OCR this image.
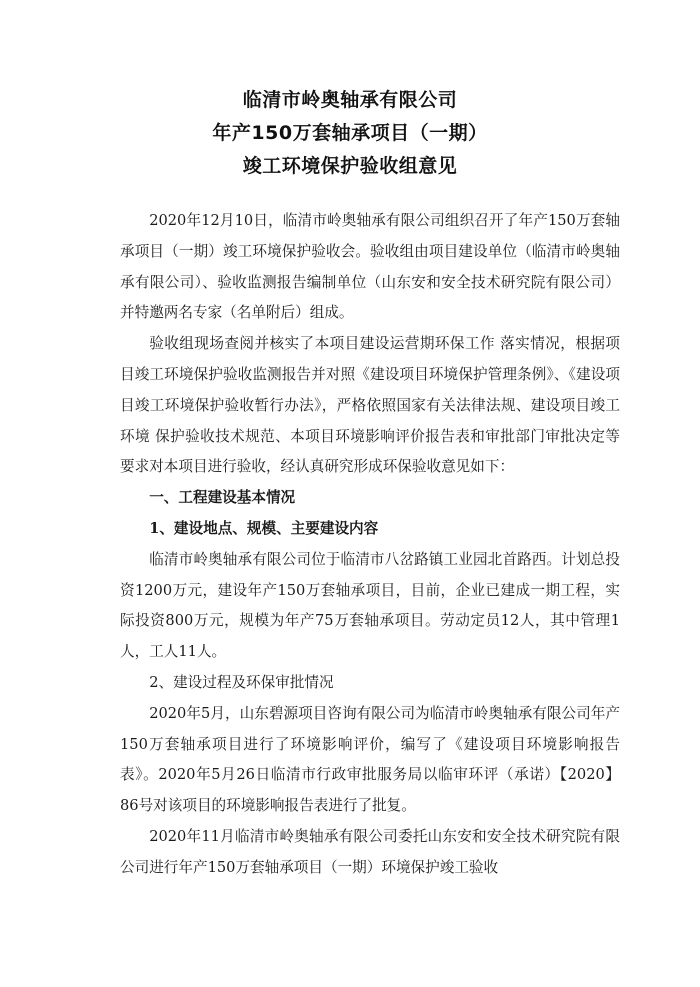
临清市岭奥轴承有限公司
年产150万套轴承项目（一期）
竣工环境保护验收组意见

2020年12月10日，临清市岭奥轴承有限公司组织召开了年产150万套轴承项目（一期）竣工环境保护验收会。验收组由项目建设单位（临清市岭奥轴承有限公司）、验收监测报告编制单位（山东安和安全技术研究院有限公司）并特邀两名专家（名单附后）组成。

验收组现场查阅并核实了本项目建设运营期环保工作 落实情况，根据项目竣工环境保护验收监测报告并对照《建设项目环境保护管理条例》、《建设项目竣工环境保护验收暂行办法》，严格依照国家有关法律法规、建设项目竣工环境 保护验收技术规范、本项目环境影响评价报告表和审批部门审批决定等要求对本项目进行验收，经认真研究形成环保验收意见如下：

一、工程建设基本情况

1、建设地点、规模、主要建设内容

临清市岭奥轴承有限公司位于临清市八岔路镇工业园北首路西。计划总投资1200万元，建设年产150万套轴承项目，目前，企业已建成一期工程，实际投资800万元，规模为年产75万套轴承项目。劳动定员12人，其中管理1人，工人11人。

2、建设过程及环保审批情况

2020年5月，山东碧源项目咨询有限公司为临清市岭奥轴承有限公司年产150万套轴承项目进行了环境影响评价，编写了《建设项目环境影响报告表》。2020年5月26日临清市行政审批服务局以临审环评（承诺）【2020】86号对该项目的环境影响报告表进行了批复。

2020年11月临清市岭奥轴承有限公司委托山东安和安全技术研究院有限公司进行年产150万套轴承项目（一期）环境保护竣工验收
